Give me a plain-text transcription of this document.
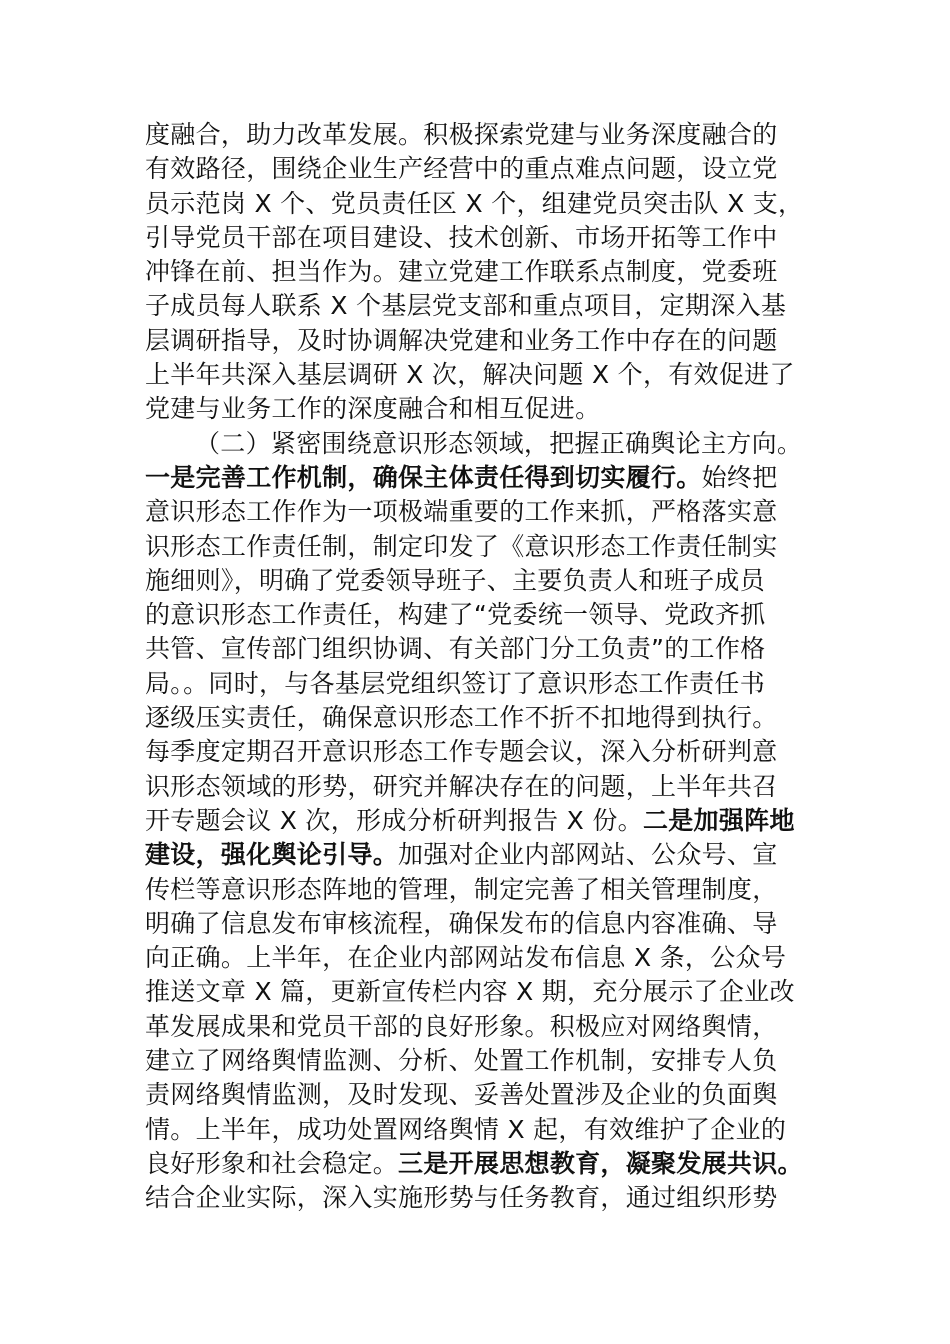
度融合，助力改革发展。积极探索党建与业务深度融合的
有效路径，围绕企业生产经营中的重点难点问题，设立党
员示范岗 X 个、党员责任区 X 个，组建党员突击队 X 支，
引导党员干部在项目建设、技术创新、市场开拓等工作中
冲锋在前、担当作为。建立党建工作联系点制度，党委班
子成员每人联系 X 个基层党支部和重点项目，定期深入基
层调研指导，及时协调解决党建和业务工作中存在的问题
上半年共深入基层调研 X 次，解决问题 X 个，有效促进了
党建与业务工作的深度融合和相互促进。
（二）紧密围绕意识形态领域，把握正确舆论主方向。
一是完善工作机制，确保主体责任得到切实履行。始终把
意识形态工作作为一项极端重要的工作来抓，严格落实意
识形态工作责任制，制定印发了《意识形态工作责任制实
施细则》，明确了党委领导班子、主要负责人和班子成员
的意识形态工作责任，构建了“党委统一领导、党政齐抓
共管、宣传部门组织协调、有关部门分工负责”的工作格
局。。同时，与各基层党组织签订了意识形态工作责任书
逐级压实责任，确保意识形态工作不折不扣地得到执行。
每季度定期召开意识形态工作专题会议，深入分析研判意
识形态领域的形势，研究并解决存在的问题，上半年共召
开专题会议 X 次，形成分析研判报告 X 份。二是加强阵地
建设，强化舆论引导。加强对企业内部网站、公众号、宣
传栏等意识形态阵地的管理，制定完善了相关管理制度，
明确了信息发布审核流程，确保发布的信息内容准确、导
向正确。上半年，在企业内部网站发布信息 X 条，公众号
推送文章 X 篇，更新宣传栏内容 X 期，充分展示了企业改
革发展成果和党员干部的良好形象。积极应对网络舆情，
建立了网络舆情监测、分析、处置工作机制，安排专人负
责网络舆情监测，及时发现、妥善处置涉及企业的负面舆
情。上半年，成功处置网络舆情 X 起，有效维护了企业的
良好形象和社会稳定。三是开展思想教育，凝聚发展共识。
结合企业实际，深入实施形势与任务教育，通过组织形势
